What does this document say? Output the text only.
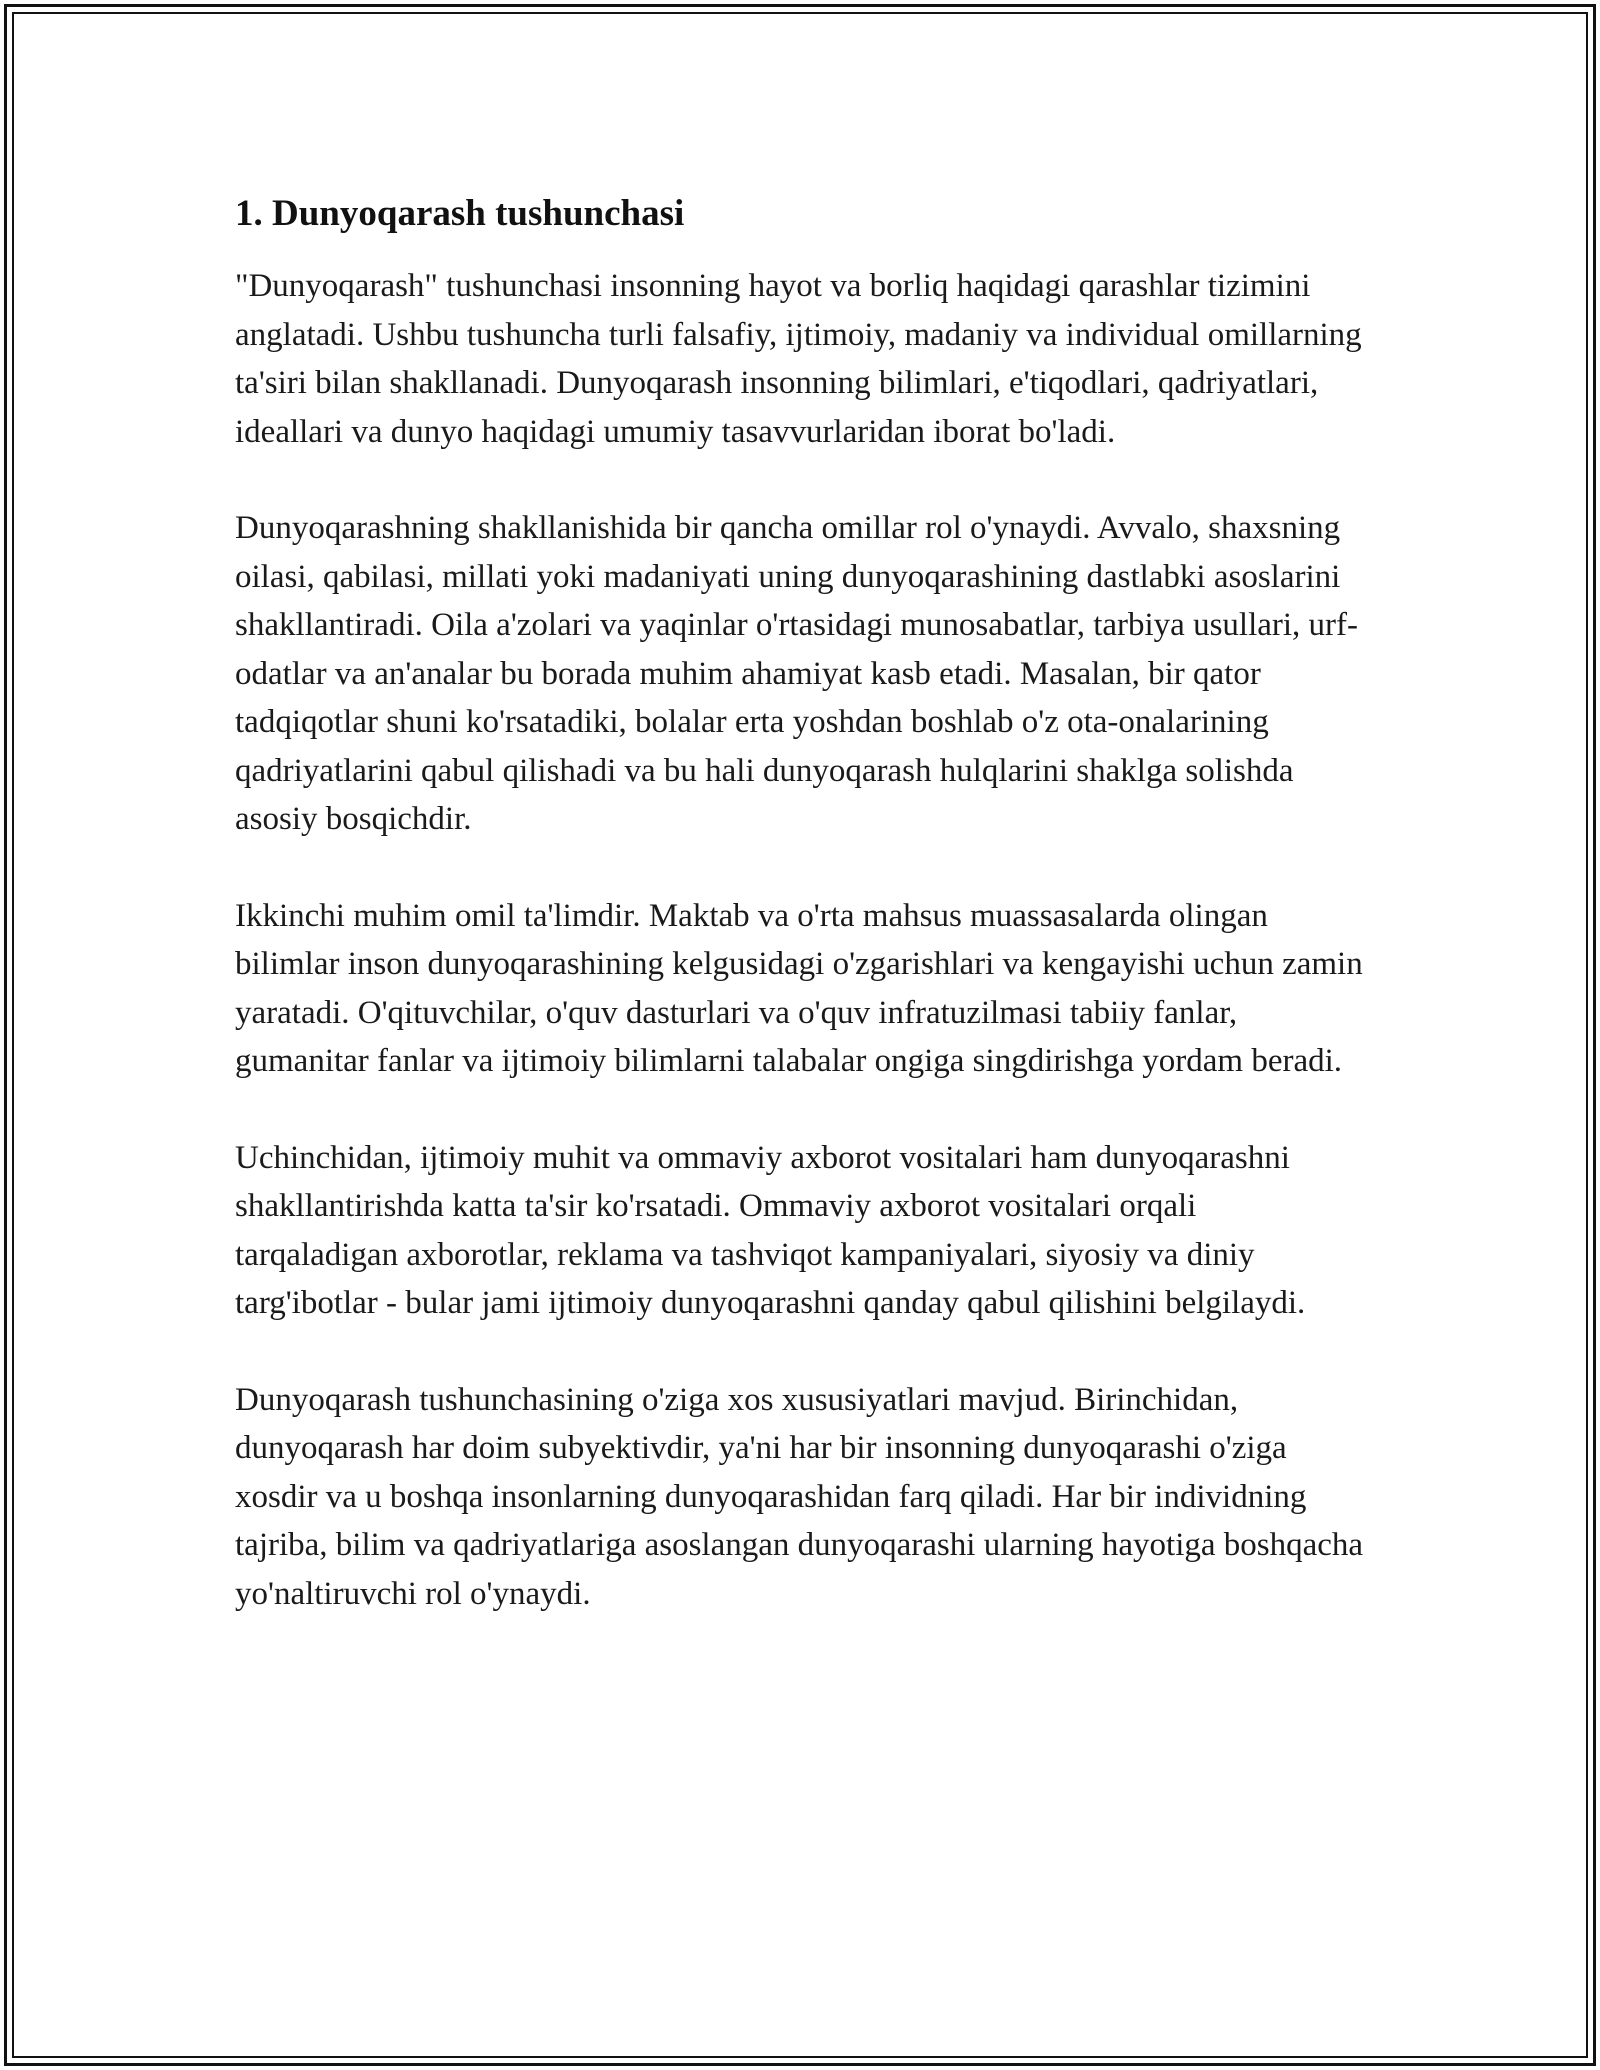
1. Dunyoqarash tushunchasi

"Dunyoqarash" tushunchasi insonning hayot va borliq haqidagi qarashlar tizimini anglatadi. Ushbu tushuncha turli falsafiy, ijtimoiy, madaniy va individual omillarning ta'siri bilan shakllanadi. Dunyoqarash insonning bilimlari, e'tiqodlari, qadriyatlari, ideallari va dunyo haqidagi umumiy tasavvurlaridan iborat bo'ladi.

Dunyoqarashning shakllanishida bir qancha omillar rol o'ynaydi. Avvalo, shaxsning oilasi, qabilasi, millati yoki madaniyati uning dunyoqarashining dastlabki asoslarini shakllantiradi. Oila a'zolari va yaqinlar o'rtasidagi munosabatlar, tarbiya usullari, urf-odatlar va an'analar bu borada muhim ahamiyat kasb etadi. Masalan, bir qator tadqiqotlar shuni ko'rsatadiki, bolalar erta yoshdan boshlab o'z ota-onalarining qadriyatlarini qabul qilishadi va bu hali dunyoqarash hulqlarini shaklga solishda asosiy bosqichdir.

Ikkinchi muhim omil ta'limdir. Maktab va o'rta mahsus muassasalarda olingan bilimlar inson dunyoqarashining kelgusidagi o'zgarishlari va kengayishi uchun zamin yaratadi. O'qituvchilar, o'quv dasturlari va o'quv infratuzilmasi tabiiy fanlar, gumanitar fanlar va ijtimoiy bilimlarni talabalar ongiga singdirishga yordam beradi.

Uchinchidan, ijtimoiy muhit va ommaviy axborot vositalari ham dunyoqarashni shakllantirishda katta ta'sir ko'rsatadi. Ommaviy axborot vositalari orqali tarqaladigan axborotlar, reklama va tashviqot kampaniyalari, siyosiy va diniy targ'ibotlar - bular jami ijtimoiy dunyoqarashni qanday qabul qilishini belgilaydi.

Dunyoqarash tushunchasining o'ziga xos xususiyatlari mavjud. Birinchidan, dunyoqarash har doim subyektivdir, ya'ni har bir insonning dunyoqarashi o'ziga xosdir va u boshqa insonlarning dunyoqarashidan farq qiladi. Har bir individning tajriba, bilim va qadriyatlariga asoslangan dunyoqarashi ularning hayotiga boshqacha yo'naltiruvchi rol o'ynaydi.
